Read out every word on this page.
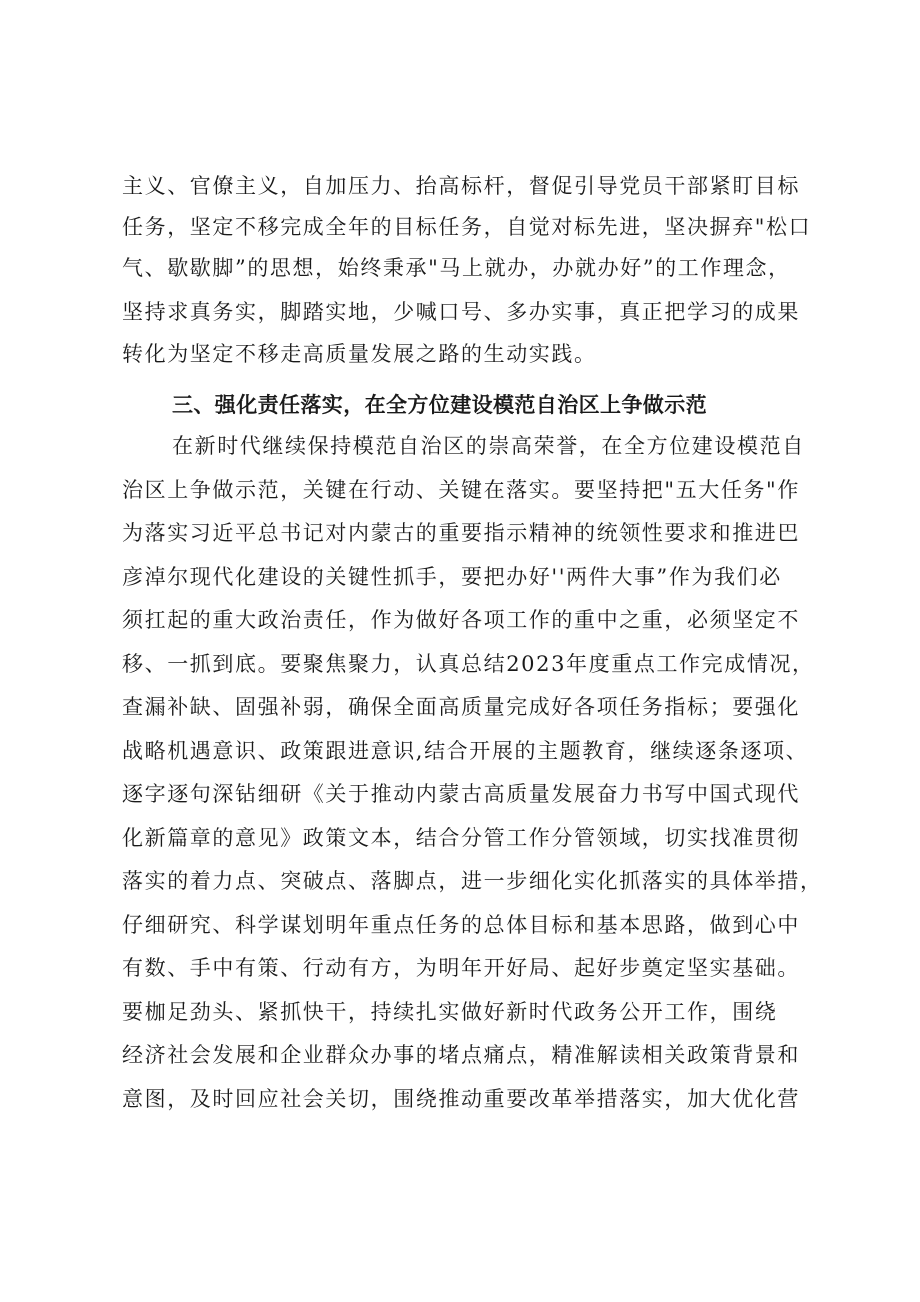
主义、官僚主义，自加压力、抬高标杆，督促引导党员干部紧盯目标
任务，坚定不移完成全年的目标任务，自觉对标先进，坚决摒弃"松口
气、歇歇脚”的思想，始终秉承"马上就办，办就办好”的工作理念，
坚持求真务实，脚踏实地，少喊口号、多办实事，真正把学习的成果
转化为坚定不移走高质量发展之路的生动实践。
三、强化责任落实，在全方位建设模范自治区上争做示范
在新时代继续保持模范自治区的崇高荣誉，在全方位建设模范自
治区上争做示范，关键在行动、关键在落实。要坚持把"五大任务"作
为落实习近平总书记对内蒙古的重要指示精神的统领性要求和推进巴
彦淖尔现代化建设的关键性抓手，要把办好''两件大事”作为我们必
须扛起的重大政治责任，作为做好各项工作的重中之重，必须坚定不
移、一抓到底。要聚焦聚力，认真总结2023年度重点工作完成情况，
查漏补缺、固强补弱，确保全面高质量完成好各项任务指标；要强化
战略机遇意识、政策跟进意识,结合开展的主题教育，继续逐条逐项、
逐字逐句深钻细研《关于推动内蒙古高质量发展奋力书写中国式现代
化新篇章的意见》政策文本，结合分管工作分管领域，切实找准贯彻
落实的着力点、突破点、落脚点，进一步细化实化抓落实的具体举措，
仔细研究、科学谋划明年重点任务的总体目标和基本思路，做到心中
有数、手中有策、行动有方，为明年开好局、起好步奠定坚实基础。
要枷足劲头、紧抓快干，持续扎实做好新时代政务公开工作，围绕
经济社会发展和企业群众办事的堵点痛点，精准解读相关政策背景和
意图，及时回应社会关切，围绕推动重要改革举措落实，加大优化营
